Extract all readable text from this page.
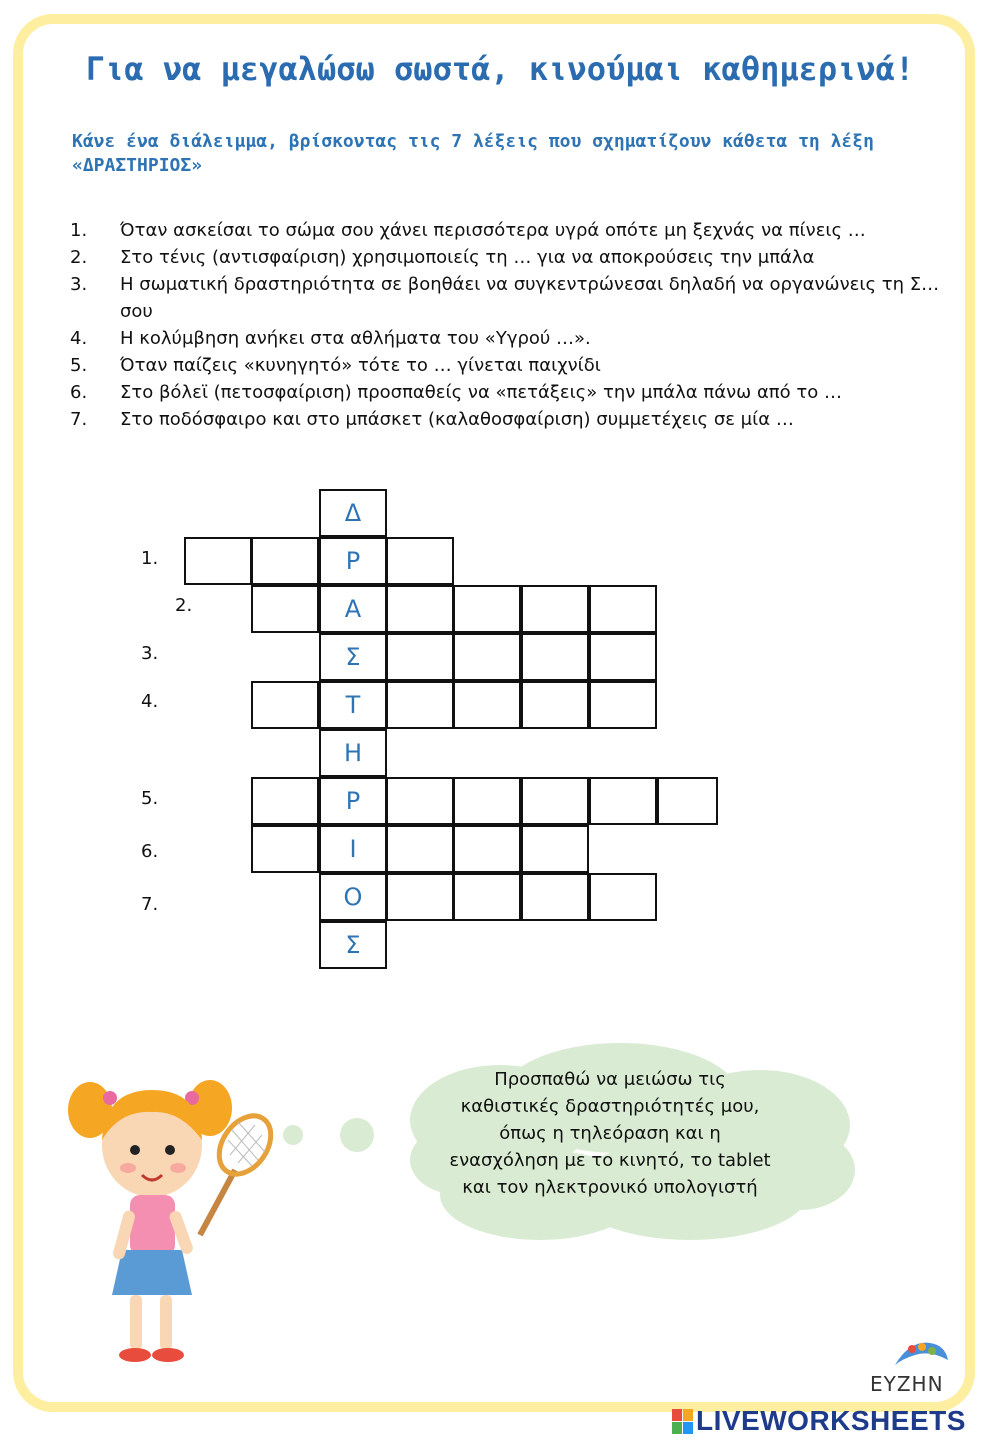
Για να μεγαλώσω σωστά, κινούμαι καθημερινά!
Κάνε ένα διάλειμμα, βρίσκοντας τις 7 λέξεις που σχηματίζουν κάθετα τη λέξη «ΔΡΑΣΤΗΡΙΟΣ»
1.	Όταν ασκείσαι το σώμα σου χάνει περισσότερα υγρά οπότε μη ξεχνάς να πίνεις …
2.	Στο τένις (αντισφαίριση) χρησιμοποιείς τη … για να αποκρούσεις την μπάλα
3.	Η σωματική δραστηριότητα σε βοηθάει να συγκεντρώνεσαι δηλαδή να οργανώνεις τη Σ… σου
4.	Η κολύμβηση ανήκει στα αθλήματα του «Υγρού …».
5.	Όταν παίζεις «κυνηγητό» τότε το … γίνεται παιχνίδι
6.	Στο βόλεϊ (πετοσφαίριση) προσπαθείς να «πετάξεις» την μπάλα πάνω από το …
7.	Στο ποδόσφαιρο και στο μπάσκετ (καλαθοσφαίριση) συμμετέχεις σε μία …
Δ
Ρ
Α
Σ
Τ
Η
Ρ
Ι
Ο
Σ
1.
2.
3.
4.
5.
6.
7.
Προσπαθώ να μειώσω τις καθιστικές δραστηριότητές μου, όπως η τηλεόραση και η ενασχόληση με το κινητό, το tablet και τον ηλεκτρονικό υπολογιστή
ΕΥΖΗΝ
LIVEWORKSHEETS
